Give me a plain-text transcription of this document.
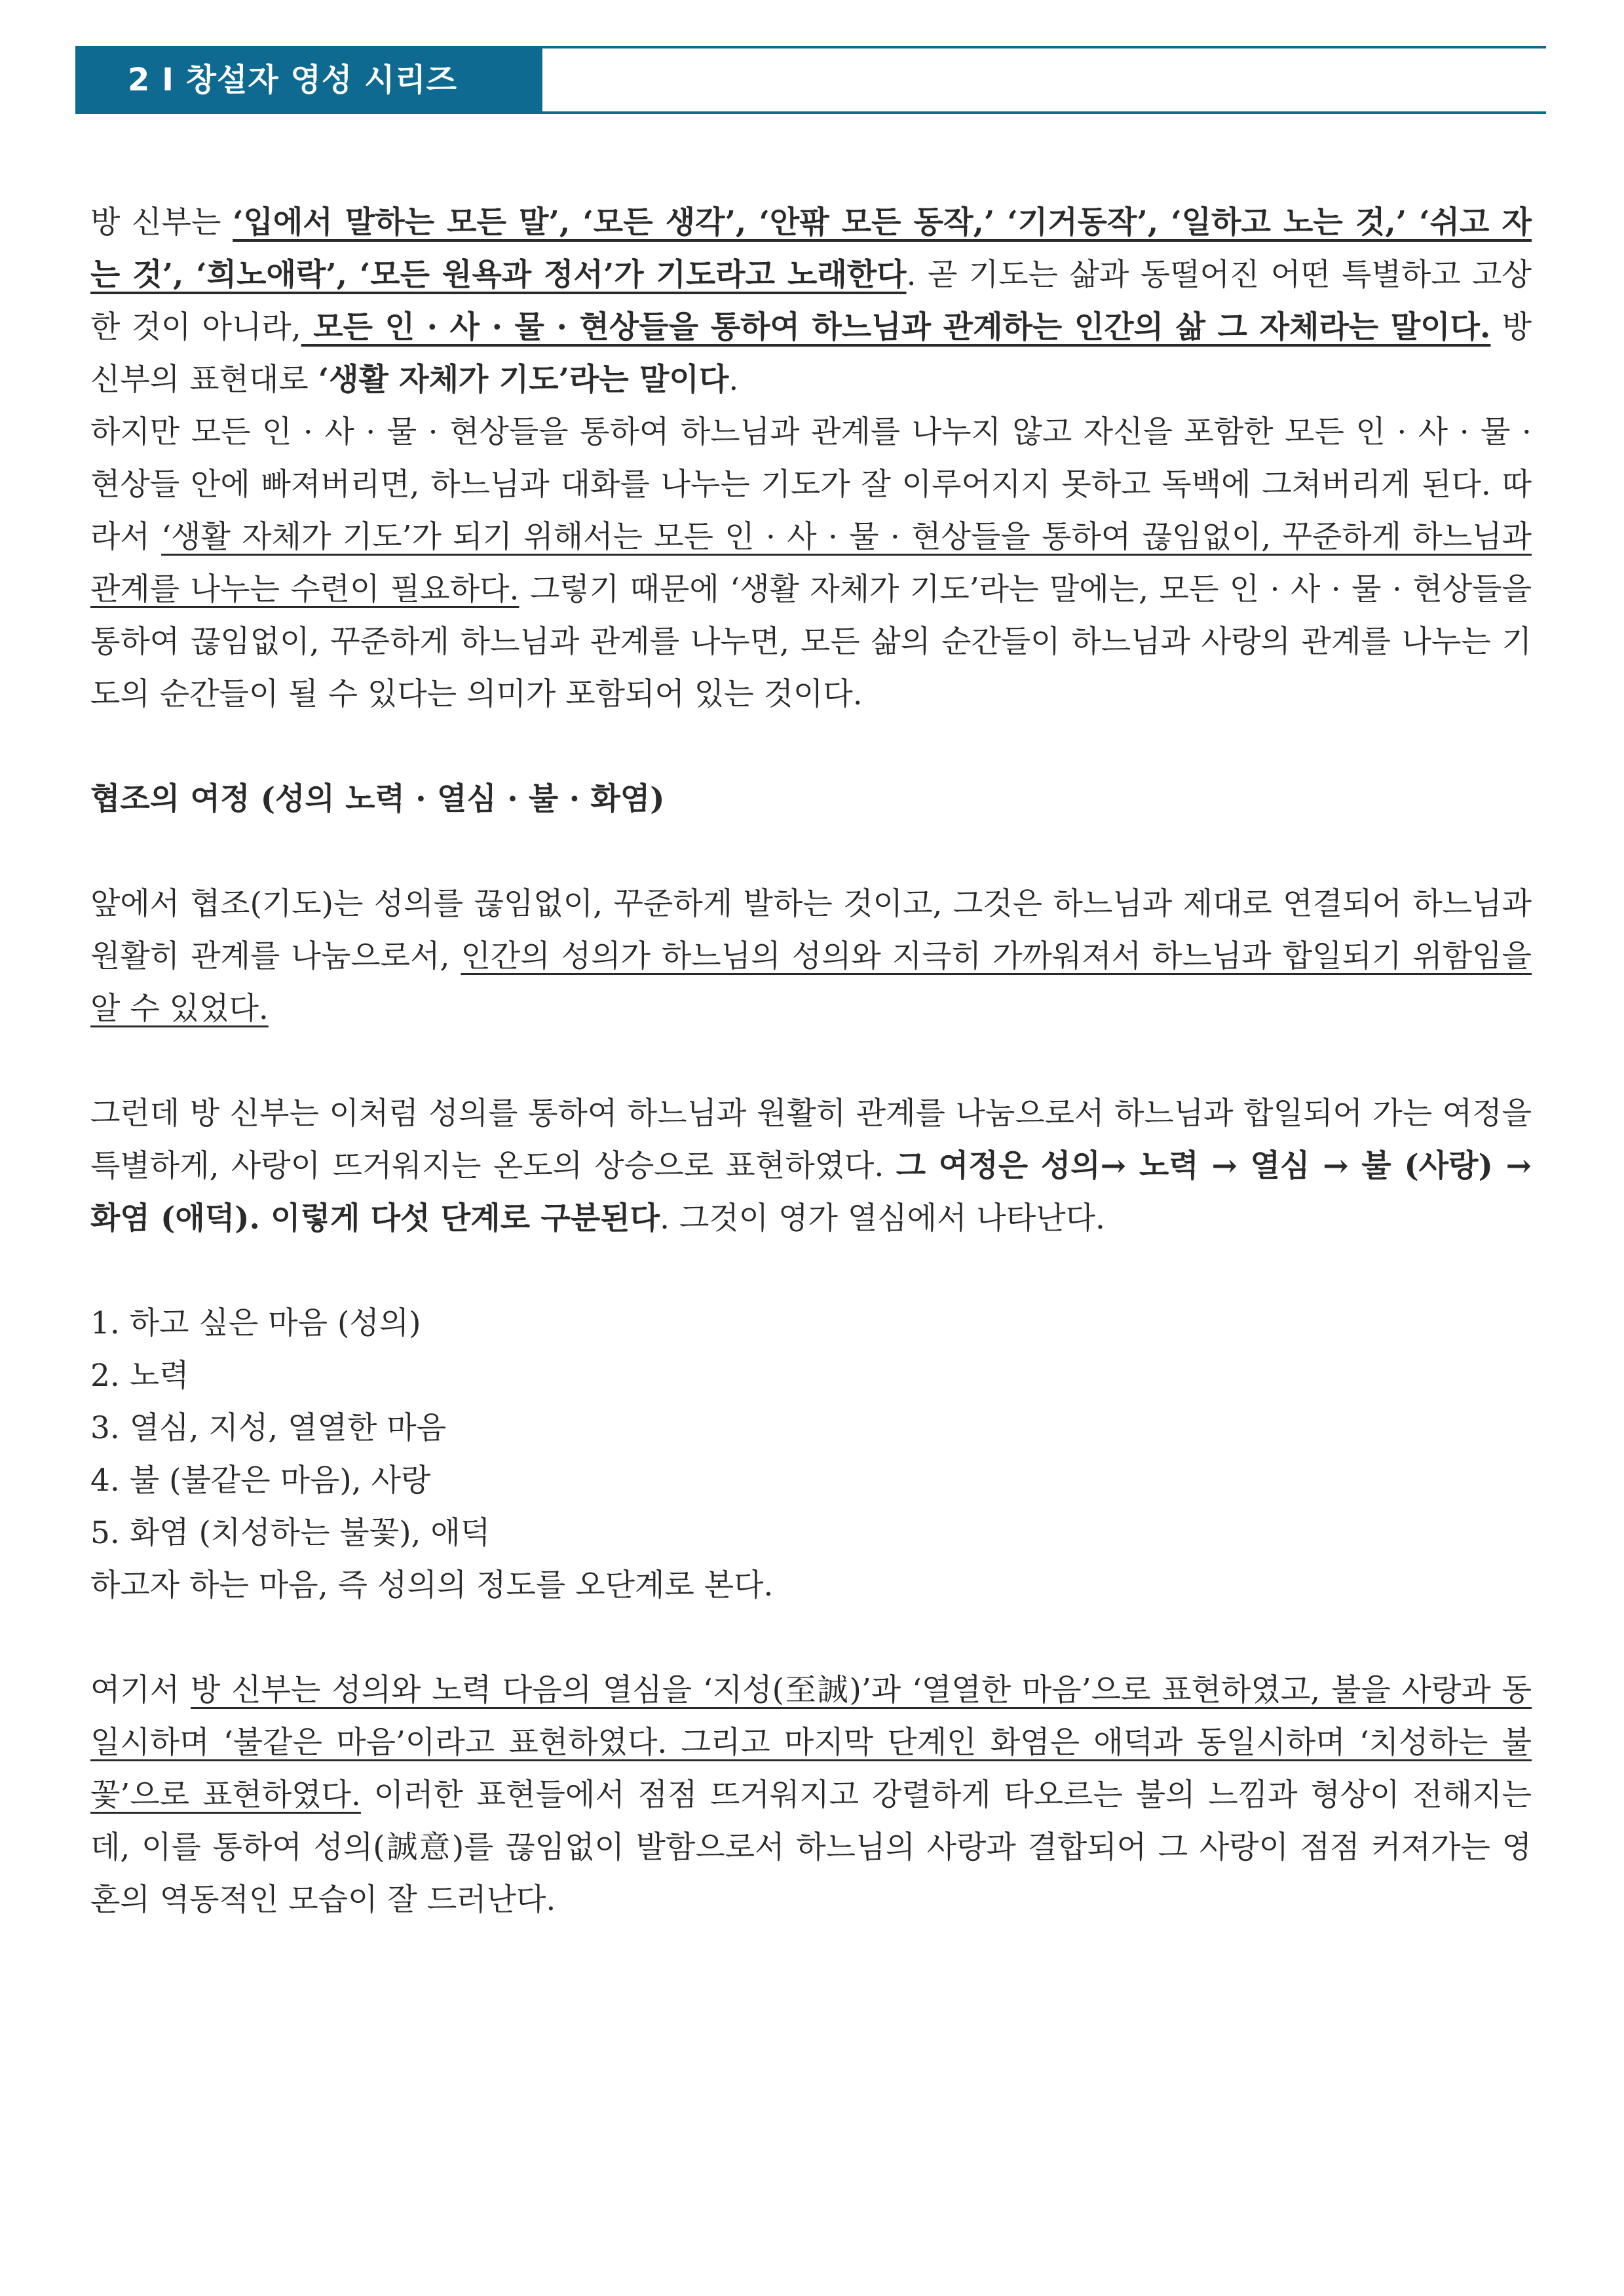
2 I 창설자 영성 시리즈

방 신부는 ‘입에서 말하는 모든 말’, ‘모든 생각’, ‘안팎 모든 동작,’ ‘기거동작’, ‘일하고 노는 것,’ ‘쉬고 자는 것’, ‘희노애락’, ‘모든 원욕과 정서’가 기도라고 노래한다. 곧 기도는 삶과 동떨어진 어떤 특별하고 고상한 것이 아니라, 모든 인 · 사 · 물 · 현상들을 통하여 하느님과 관계하는 인간의 삶 그 자체라는 말이다. 방 신부의 표현대로 ‘생활 자체가 기도’라는 말이다.

하지만 모든 인 · 사 · 물 · 현상들을 통하여 하느님과 관계를 나누지 않고 자신을 포함한 모든 인 · 사 · 물 · 현상들 안에 빠져버리면, 하느님과 대화를 나누는 기도가 잘 이루어지지 못하고 독백에 그쳐버리게 된다. 따라서 ‘생활 자체가 기도’가 되기 위해서는 모든 인 · 사 · 물 · 현상들을 통하여 끊임없이, 꾸준하게 하느님과 관계를 나누는 수련이 필요하다. 그렇기 때문에 ‘생활 자체가 기도’라는 말에는, 모든 인 · 사 · 물 · 현상들을 통하여 끊임없이, 꾸준하게 하느님과 관계를 나누면, 모든 삶의 순간들이 하느님과 사랑의 관계를 나누는 기도의 순간들이 될 수 있다는 의미가 포함되어 있는 것이다.

협조의 여정 (성의 노력 · 열심 · 불 · 화염)

앞에서 협조(기도)는 성의를 끊임없이, 꾸준하게 발하는 것이고, 그것은 하느님과 제대로 연결되어 하느님과 원활히 관계를 나눔으로서, 인간의 성의가 하느님의 성의와 지극히 가까워져서 하느님과 합일되기 위함임을 알 수 있었다.

그런데 방 신부는 이처럼 성의를 통하여 하느님과 원활히 관계를 나눔으로서 하느님과 합일되어 가는 여정을 특별하게, 사랑이 뜨거워지는 온도의 상승으로 표현하였다. 그 여정은 성의→ 노력 → 열심 → 불 (사랑) → 화염 (애덕). 이렇게 다섯 단계로 구분된다. 그것이 영가 열심에서 나타난다.

1. 하고 싶은 마음 (성의)
2. 노력
3. 열심, 지성, 열열한 마음
4. 불 (불같은 마음), 사랑
5. 화염 (치성하는 불꽃), 애덕

하고자 하는 마음, 즉 성의의 정도를 오단계로 본다.

여기서 방 신부는 성의와 노력 다음의 열심을 ‘지성(至誠)’과 ‘열열한 마음’으로 표현하였고, 불을 사랑과 동일시하며 ‘불같은 마음’이라고 표현하였다. 그리고 마지막 단계인 화염은 애덕과 동일시하며 ‘치성하는 불꽃’으로 표현하였다. 이러한 표현들에서 점점 뜨거워지고 강렬하게 타오르는 불의 느낌과 형상이 전해지는데, 이를 통하여 성의(誠意)를 끊임없이 발함으로서 하느님의 사랑과 결합되어 그 사랑이 점점 커져가는 영혼의 역동적인 모습이 잘 드러난다.
